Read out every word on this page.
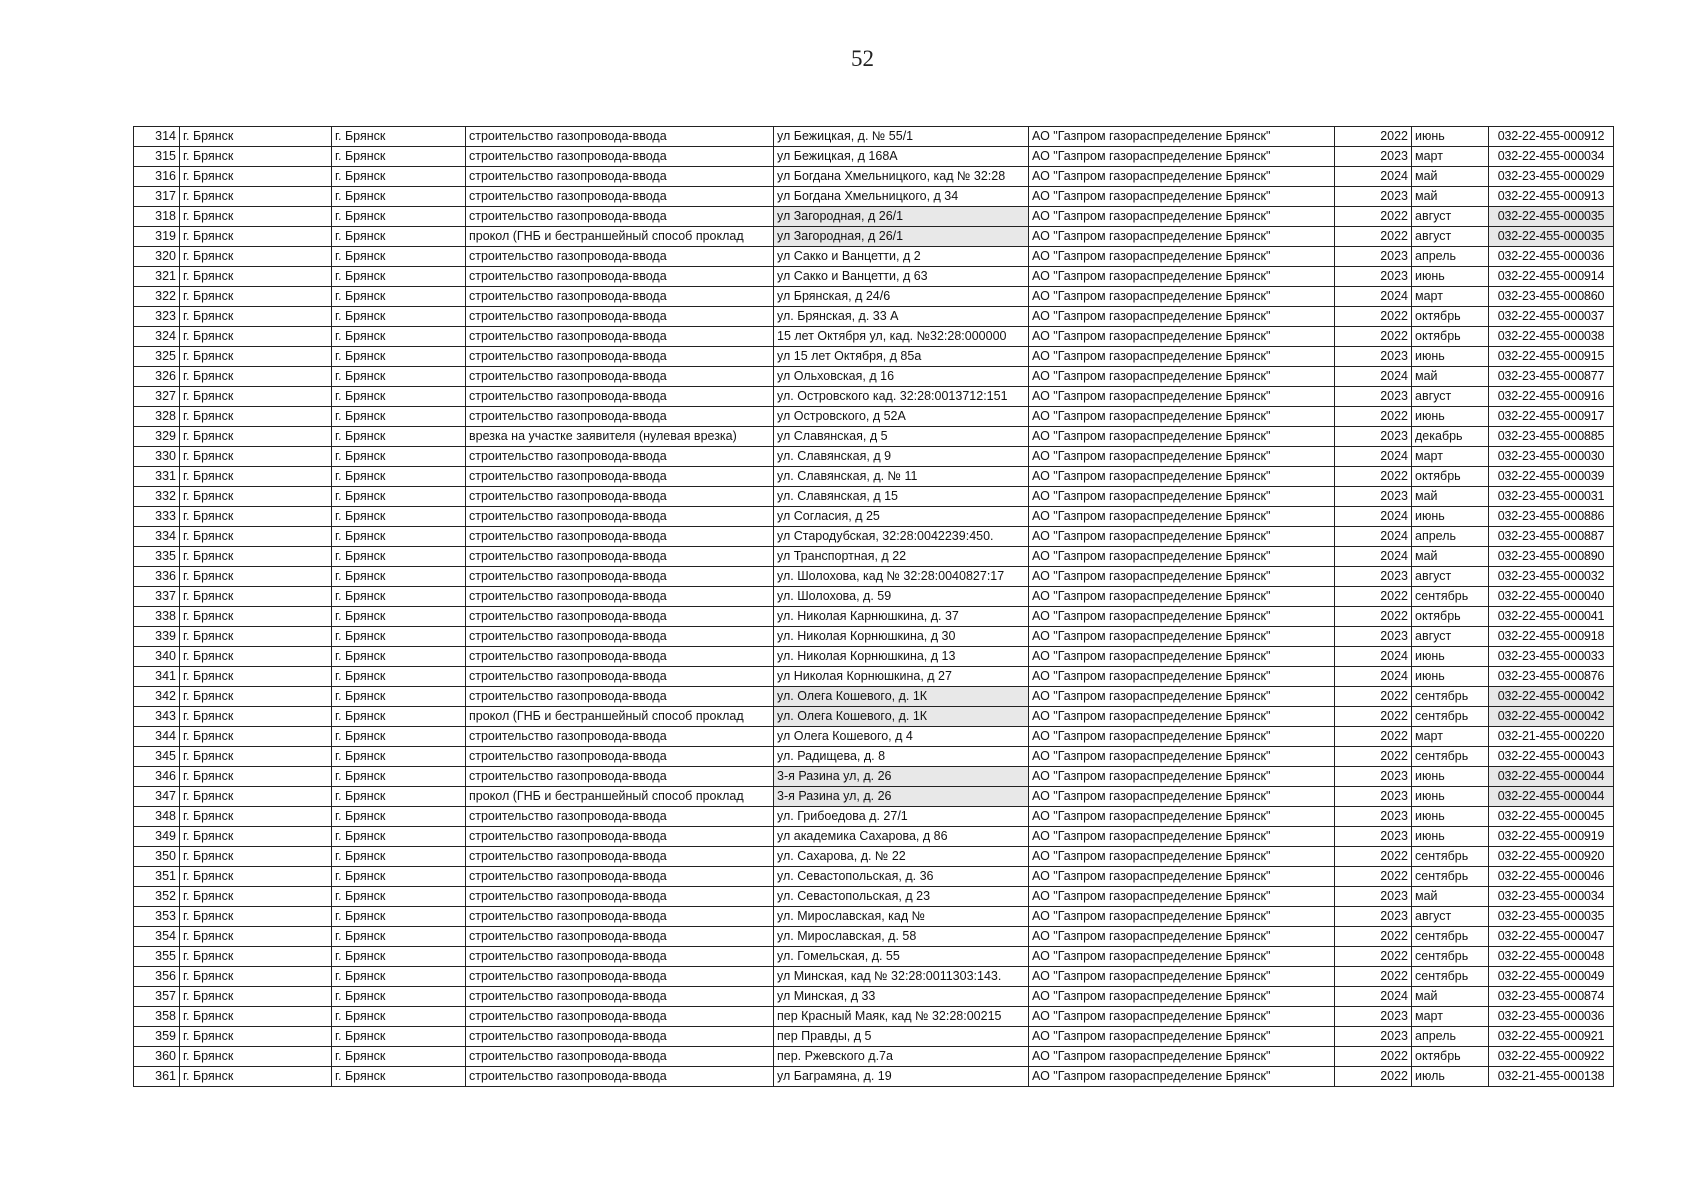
52
314	г. Брянск	г. Брянск	строительство газопровода-ввода	ул Бежицкая, д. № 55/1	АО "Газпром газораспределение Брянск"	2022	июнь	032-22-455-000912
315	г. Брянск	г. Брянск	строительство газопровода-ввода	ул Бежицкая, д 168А	АО "Газпром газораспределение Брянск"	2023	март	032-22-455-000034
316	г. Брянск	г. Брянск	строительство газопровода-ввода	ул Богдана Хмельницкого, кад № 32:28	АО "Газпром газораспределение Брянск"	2024	май	032-23-455-000029
317	г. Брянск	г. Брянск	строительство газопровода-ввода	ул Богдана Хмельницкого, д 34	АО "Газпром газораспределение Брянск"	2023	май	032-22-455-000913
318	г. Брянск	г. Брянск	строительство газопровода-ввода	ул Загородная, д 26/1	АО "Газпром газораспределение Брянск"	2022	август	032-22-455-000035
319	г. Брянск	г. Брянск	прокол (ГНБ и бестраншейный способ проклад	ул Загородная, д 26/1	АО "Газпром газораспределение Брянск"	2022	август	032-22-455-000035
320	г. Брянск	г. Брянск	строительство газопровода-ввода	ул Сакко и Ванцетти, д 2	АО "Газпром газораспределение Брянск"	2023	апрель	032-22-455-000036
321	г. Брянск	г. Брянск	строительство газопровода-ввода	ул Сакко и Ванцетти, д 63	АО "Газпром газораспределение Брянск"	2023	июнь	032-22-455-000914
322	г. Брянск	г. Брянск	строительство газопровода-ввода	ул Брянская, д 24/6	АО "Газпром газораспределение Брянск"	2024	март	032-23-455-000860
323	г. Брянск	г. Брянск	строительство газопровода-ввода	ул. Брянская, д. 33 А	АО "Газпром газораспределение Брянск"	2022	октябрь	032-22-455-000037
324	г. Брянск	г. Брянск	строительство газопровода-ввода	15 лет Октября ул, кад. №32:28:000000	АО "Газпром газораспределение Брянск"	2022	октябрь	032-22-455-000038
325	г. Брянск	г. Брянск	строительство газопровода-ввода	ул 15 лет Октября, д 85а	АО "Газпром газораспределение Брянск"	2023	июнь	032-22-455-000915
326	г. Брянск	г. Брянск	строительство газопровода-ввода	ул Ольховская, д 16	АО "Газпром газораспределение Брянск"	2024	май	032-23-455-000877
327	г. Брянск	г. Брянск	строительство газопровода-ввода	ул. Островского кад. 32:28:0013712:151	АО "Газпром газораспределение Брянск"	2023	август	032-22-455-000916
328	г. Брянск	г. Брянск	строительство газопровода-ввода	ул Островского, д 52А	АО "Газпром газораспределение Брянск"	2022	июнь	032-22-455-000917
329	г. Брянск	г. Брянск	врезка на участке заявителя (нулевая врезка)	ул Славянская, д 5	АО "Газпром газораспределение Брянск"	2023	декабрь	032-23-455-000885
330	г. Брянск	г. Брянск	строительство газопровода-ввода	ул. Славянская, д 9	АО "Газпром газораспределение Брянск"	2024	март	032-23-455-000030
331	г. Брянск	г. Брянск	строительство газопровода-ввода	ул. Славянская, д. № 11	АО "Газпром газораспределение Брянск"	2022	октябрь	032-22-455-000039
332	г. Брянск	г. Брянск	строительство газопровода-ввода	ул. Славянская, д 15	АО "Газпром газораспределение Брянск"	2023	май	032-23-455-000031
333	г. Брянск	г. Брянск	строительство газопровода-ввода	ул Согласия, д 25	АО "Газпром газораспределение Брянск"	2024	июнь	032-23-455-000886
334	г. Брянск	г. Брянск	строительство газопровода-ввода	ул Стародубская, 32:28:0042239:450.	АО "Газпром газораспределение Брянск"	2024	апрель	032-23-455-000887
335	г. Брянск	г. Брянск	строительство газопровода-ввода	ул Транспортная, д 22	АО "Газпром газораспределение Брянск"	2024	май	032-23-455-000890
336	г. Брянск	г. Брянск	строительство газопровода-ввода	ул. Шолохова, кад № 32:28:0040827:17	АО "Газпром газораспределение Брянск"	2023	август	032-23-455-000032
337	г. Брянск	г. Брянск	строительство газопровода-ввода	ул. Шолохова, д. 59	АО "Газпром газораспределение Брянск"	2022	сентябрь	032-22-455-000040
338	г. Брянск	г. Брянск	строительство газопровода-ввода	ул. Николая Карнюшкина, д. 37	АО "Газпром газораспределение Брянск"	2022	октябрь	032-22-455-000041
339	г. Брянск	г. Брянск	строительство газопровода-ввода	ул. Николая Корнюшкина, д 30	АО "Газпром газораспределение Брянск"	2023	август	032-22-455-000918
340	г. Брянск	г. Брянск	строительство газопровода-ввода	ул. Николая Корнюшкина, д 13	АО "Газпром газораспределение Брянск"	2024	июнь	032-23-455-000033
341	г. Брянск	г. Брянск	строительство газопровода-ввода	ул Николая Корнюшкина, д 27	АО "Газпром газораспределение Брянск"	2024	июнь	032-23-455-000876
342	г. Брянск	г. Брянск	строительство газопровода-ввода	ул. Олега Кошевого, д. 1К	АО "Газпром газораспределение Брянск"	2022	сентябрь	032-22-455-000042
343	г. Брянск	г. Брянск	прокол (ГНБ и бестраншейный способ проклад	ул. Олега Кошевого, д. 1К	АО "Газпром газораспределение Брянск"	2022	сентябрь	032-22-455-000042
344	г. Брянск	г. Брянск	строительство газопровода-ввода	ул Олега Кошевого, д 4	АО "Газпром газораспределение Брянск"	2022	март	032-21-455-000220
345	г. Брянск	г. Брянск	строительство газопровода-ввода	ул. Радищева, д. 8	АО "Газпром газораспределение Брянск"	2022	сентябрь	032-22-455-000043
346	г. Брянск	г. Брянск	строительство газопровода-ввода	3-я Разина ул, д. 26	АО "Газпром газораспределение Брянск"	2023	июнь	032-22-455-000044
347	г. Брянск	г. Брянск	прокол (ГНБ и бестраншейный способ проклад	3-я Разина ул, д. 26	АО "Газпром газораспределение Брянск"	2023	июнь	032-22-455-000044
348	г. Брянск	г. Брянск	строительство газопровода-ввода	ул. Грибоедова д. 27/1	АО "Газпром газораспределение Брянск"	2023	июнь	032-22-455-000045
349	г. Брянск	г. Брянск	строительство газопровода-ввода	ул академика Сахарова, д 86	АО "Газпром газораспределение Брянск"	2023	июнь	032-22-455-000919
350	г. Брянск	г. Брянск	строительство газопровода-ввода	ул. Сахарова, д. № 22	АО "Газпром газораспределение Брянск"	2022	сентябрь	032-22-455-000920
351	г. Брянск	г. Брянск	строительство газопровода-ввода	ул. Севастопольская, д. 36	АО "Газпром газораспределение Брянск"	2022	сентябрь	032-22-455-000046
352	г. Брянск	г. Брянск	строительство газопровода-ввода	ул. Севастопольская, д 23	АО "Газпром газораспределение Брянск"	2023	май	032-23-455-000034
353	г. Брянск	г. Брянск	строительство газопровода-ввода	ул. Мирославская, кад №	АО "Газпром газораспределение Брянск"	2023	август	032-23-455-000035
354	г. Брянск	г. Брянск	строительство газопровода-ввода	ул. Мирославская, д. 58	АО "Газпром газораспределение Брянск"	2022	сентябрь	032-22-455-000047
355	г. Брянск	г. Брянск	строительство газопровода-ввода	ул. Гомельская, д. 55	АО "Газпром газораспределение Брянск"	2022	сентябрь	032-22-455-000048
356	г. Брянск	г. Брянск	строительство газопровода-ввода	ул Минская, кад № 32:28:0011303:143.	АО "Газпром газораспределение Брянск"	2022	сентябрь	032-22-455-000049
357	г. Брянск	г. Брянск	строительство газопровода-ввода	ул Минская, д 33	АО "Газпром газораспределение Брянск"	2024	май	032-23-455-000874
358	г. Брянск	г. Брянск	строительство газопровода-ввода	пер Красный Маяк, кад № 32:28:00215	АО "Газпром газораспределение Брянск"	2023	март	032-23-455-000036
359	г. Брянск	г. Брянск	строительство газопровода-ввода	пер Правды, д 5	АО "Газпром газораспределение Брянск"	2023	апрель	032-22-455-000921
360	г. Брянск	г. Брянск	строительство газопровода-ввода	пер. Ржевского д.7а	АО "Газпром газораспределение Брянск"	2022	октябрь	032-22-455-000922
361	г. Брянск	г. Брянск	строительство газопровода-ввода	ул Баграмяна, д. 19	АО "Газпром газораспределение Брянск"	2022	июль	032-21-455-000138
